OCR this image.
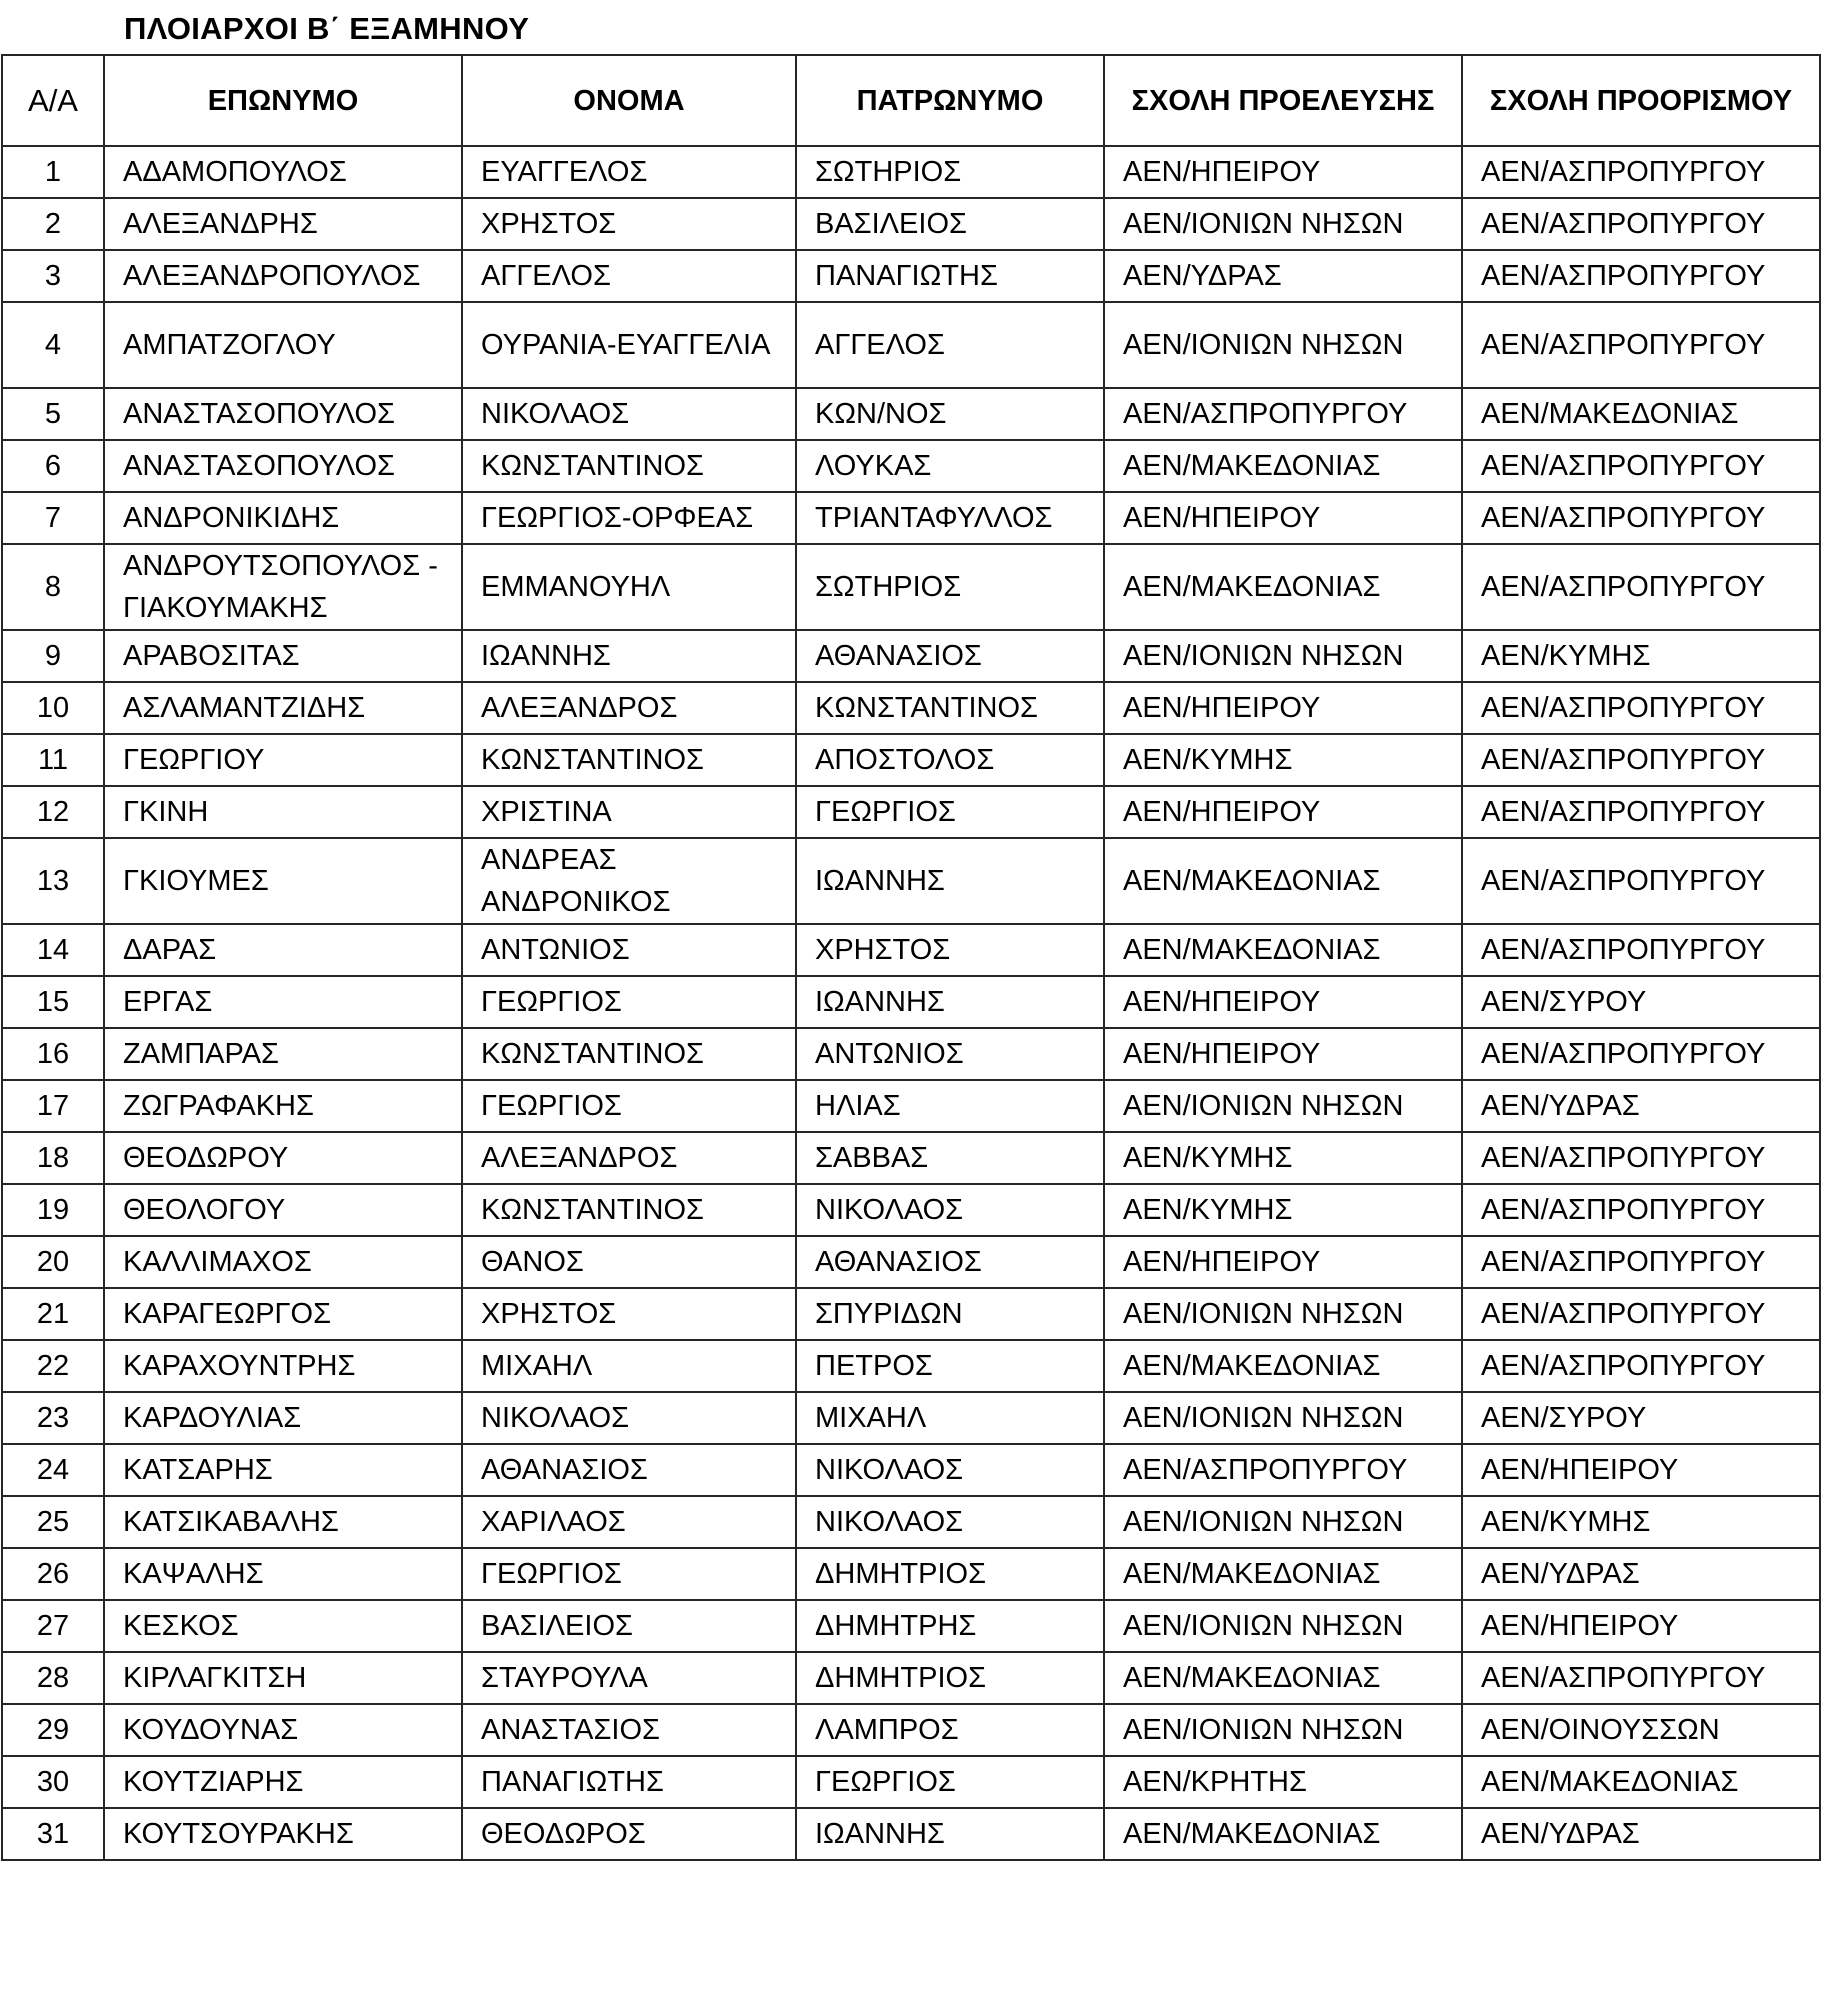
ΠΛΟΙΑΡΧΟΙ Β΄ ΕΞΑΜΗΝΟΥ
Α/Α	ΕΠΩΝΥΜΟ	ΟΝΟΜΑ	ΠΑΤΡΩΝΥΜΟ	ΣΧΟΛΗ ΠΡΟΕΛΕΥΣΗΣ	ΣΧΟΛΗ ΠΡΟΟΡΙΣΜΟΥ
1	ΑΔΑΜΟΠΟΥΛΟΣ	ΕΥΑΓΓΕΛΟΣ	ΣΩΤΗΡΙΟΣ	ΑΕΝ/ΗΠΕΙΡΟΥ	ΑΕΝ/ΑΣΠΡΟΠΥΡΓΟΥ
2	ΑΛΕΞΑΝΔΡΗΣ	ΧΡΗΣΤΟΣ	ΒΑΣΙΛΕΙΟΣ	ΑΕΝ/ΙΟΝΙΩΝ ΝΗΣΩΝ	ΑΕΝ/ΑΣΠΡΟΠΥΡΓΟΥ
3	ΑΛΕΞΑΝΔΡΟΠΟΥΛΟΣ	ΑΓΓΕΛΟΣ	ΠΑΝΑΓΙΩΤΗΣ	ΑΕΝ/ΥΔΡΑΣ	ΑΕΝ/ΑΣΠΡΟΠΥΡΓΟΥ
4	ΑΜΠΑΤΖΟΓΛΟΥ	ΟΥΡΑΝΙΑ-ΕΥΑΓΓΕΛΙΑ	ΑΓΓΕΛΟΣ	ΑΕΝ/ΙΟΝΙΩΝ ΝΗΣΩΝ	ΑΕΝ/ΑΣΠΡΟΠΥΡΓΟΥ
5	ΑΝΑΣΤΑΣΟΠΟΥΛΟΣ	ΝΙΚΟΛΑΟΣ	ΚΩΝ/ΝΟΣ	ΑΕΝ/ΑΣΠΡΟΠΥΡΓΟΥ	ΑΕΝ/ΜΑΚΕΔΟΝΙΑΣ
6	ΑΝΑΣΤΑΣΟΠΟΥΛΟΣ	ΚΩΝΣΤΑΝΤΙΝΟΣ	ΛΟΥΚΑΣ	ΑΕΝ/ΜΑΚΕΔΟΝΙΑΣ	ΑΕΝ/ΑΣΠΡΟΠΥΡΓΟΥ
7	ΑΝΔΡΟΝΙΚΙΔΗΣ	ΓΕΩΡΓΙΟΣ-ΟΡΦΕΑΣ	ΤΡΙΑΝΤΑΦΥΛΛΟΣ	ΑΕΝ/ΗΠΕΙΡΟΥ	ΑΕΝ/ΑΣΠΡΟΠΥΡΓΟΥ
8	ΑΝΔΡΟΥΤΣΟΠΟΥΛΟΣ - ΓΙΑΚΟΥΜΑΚΗΣ	ΕΜΜΑΝΟΥΗΛ	ΣΩΤΗΡΙΟΣ	ΑΕΝ/ΜΑΚΕΔΟΝΙΑΣ	ΑΕΝ/ΑΣΠΡΟΠΥΡΓΟΥ
9	ΑΡΑΒΟΣΙΤΑΣ	ΙΩΑΝΝΗΣ	ΑΘΑΝΑΣΙΟΣ	ΑΕΝ/ΙΟΝΙΩΝ ΝΗΣΩΝ	ΑΕΝ/ΚΥΜΗΣ
10	ΑΣΛΑΜΑΝΤΖΙΔΗΣ	ΑΛΕΞΑΝΔΡΟΣ	ΚΩΝΣΤΑΝΤΙΝΟΣ	ΑΕΝ/ΗΠΕΙΡΟΥ	ΑΕΝ/ΑΣΠΡΟΠΥΡΓΟΥ
11	ΓΕΩΡΓΙΟΥ	ΚΩΝΣΤΑΝΤΙΝΟΣ	ΑΠΟΣΤΟΛΟΣ	ΑΕΝ/ΚΥΜΗΣ	ΑΕΝ/ΑΣΠΡΟΠΥΡΓΟΥ
12	ΓΚΙΝΗ	ΧΡΙΣΤΙΝΑ	ΓΕΩΡΓΙΟΣ	ΑΕΝ/ΗΠΕΙΡΟΥ	ΑΕΝ/ΑΣΠΡΟΠΥΡΓΟΥ
13	ΓΚΙΟΥΜΕΣ	ΑΝΔΡΕΑΣ ΑΝΔΡΟΝΙΚΟΣ	ΙΩΑΝΝΗΣ	ΑΕΝ/ΜΑΚΕΔΟΝΙΑΣ	ΑΕΝ/ΑΣΠΡΟΠΥΡΓΟΥ
14	ΔΑΡΑΣ	ΑΝΤΩΝΙΟΣ	ΧΡΗΣΤΟΣ	ΑΕΝ/ΜΑΚΕΔΟΝΙΑΣ	ΑΕΝ/ΑΣΠΡΟΠΥΡΓΟΥ
15	ΕΡΓΑΣ	ΓΕΩΡΓΙΟΣ	ΙΩΑΝΝΗΣ	ΑΕΝ/ΗΠΕΙΡΟΥ	ΑΕΝ/ΣΥΡΟΥ
16	ΖΑΜΠΑΡΑΣ	ΚΩΝΣΤΑΝΤΙΝΟΣ	ΑΝΤΩΝΙΟΣ	ΑΕΝ/ΗΠΕΙΡΟΥ	ΑΕΝ/ΑΣΠΡΟΠΥΡΓΟΥ
17	ΖΩΓΡΑΦΑΚΗΣ	ΓΕΩΡΓΙΟΣ	ΗΛΙΑΣ	ΑΕΝ/ΙΟΝΙΩΝ ΝΗΣΩΝ	ΑΕΝ/ΥΔΡΑΣ
18	ΘΕΟΔΩΡΟΥ	ΑΛΕΞΑΝΔΡΟΣ	ΣΑΒΒΑΣ	ΑΕΝ/ΚΥΜΗΣ	ΑΕΝ/ΑΣΠΡΟΠΥΡΓΟΥ
19	ΘΕΟΛΟΓΟΥ	ΚΩΝΣΤΑΝΤΙΝΟΣ	ΝΙΚΟΛΑΟΣ	ΑΕΝ/ΚΥΜΗΣ	ΑΕΝ/ΑΣΠΡΟΠΥΡΓΟΥ
20	ΚΑΛΛΙΜΑΧΟΣ	ΘΑΝΟΣ	ΑΘΑΝΑΣΙΟΣ	ΑΕΝ/ΗΠΕΙΡΟΥ	ΑΕΝ/ΑΣΠΡΟΠΥΡΓΟΥ
21	ΚΑΡΑΓΕΩΡΓΟΣ	ΧΡΗΣΤΟΣ	ΣΠΥΡΙΔΩΝ	ΑΕΝ/ΙΟΝΙΩΝ ΝΗΣΩΝ	ΑΕΝ/ΑΣΠΡΟΠΥΡΓΟΥ
22	ΚΑΡΑΧΟΥΝΤΡΗΣ	ΜΙΧΑΗΛ	ΠΕΤΡΟΣ	ΑΕΝ/ΜΑΚΕΔΟΝΙΑΣ	ΑΕΝ/ΑΣΠΡΟΠΥΡΓΟΥ
23	ΚΑΡΔΟΥΛΙΑΣ	ΝΙΚΟΛΑΟΣ	ΜΙΧΑΗΛ	ΑΕΝ/ΙΟΝΙΩΝ ΝΗΣΩΝ	ΑΕΝ/ΣΥΡΟΥ
24	ΚΑΤΣΑΡΗΣ	ΑΘΑΝΑΣΙΟΣ	ΝΙΚΟΛΑΟΣ	ΑΕΝ/ΑΣΠΡΟΠΥΡΓΟΥ	ΑΕΝ/ΗΠΕΙΡΟΥ
25	ΚΑΤΣΙΚΑΒΑΛΗΣ	ΧΑΡΙΛΑΟΣ	ΝΙΚΟΛΑΟΣ	ΑΕΝ/ΙΟΝΙΩΝ ΝΗΣΩΝ	ΑΕΝ/ΚΥΜΗΣ
26	ΚΑΨΑΛΗΣ	ΓΕΩΡΓΙΟΣ	ΔΗΜΗΤΡΙΟΣ	ΑΕΝ/ΜΑΚΕΔΟΝΙΑΣ	ΑΕΝ/ΥΔΡΑΣ
27	ΚΕΣΚΟΣ	ΒΑΣΙΛΕΙΟΣ	ΔΗΜΗΤΡΗΣ	ΑΕΝ/ΙΟΝΙΩΝ ΝΗΣΩΝ	ΑΕΝ/ΗΠΕΙΡΟΥ
28	ΚΙΡΛΑΓΚΙΤΣΗ	ΣΤΑΥΡΟΥΛΑ	ΔΗΜΗΤΡΙΟΣ	ΑΕΝ/ΜΑΚΕΔΟΝΙΑΣ	ΑΕΝ/ΑΣΠΡΟΠΥΡΓΟΥ
29	ΚΟΥΔΟΥΝΑΣ	ΑΝΑΣΤΑΣΙΟΣ	ΛΑΜΠΡΟΣ	ΑΕΝ/ΙΟΝΙΩΝ ΝΗΣΩΝ	ΑΕΝ/ΟΙΝΟΥΣΣΩΝ
30	ΚΟΥΤΖΙΑΡΗΣ	ΠΑΝΑΓΙΩΤΗΣ	ΓΕΩΡΓΙΟΣ	ΑΕΝ/ΚΡΗΤΗΣ	ΑΕΝ/ΜΑΚΕΔΟΝΙΑΣ
31	ΚΟΥΤΣΟΥΡΑΚΗΣ	ΘΕΟΔΩΡΟΣ	ΙΩΑΝΝΗΣ	ΑΕΝ/ΜΑΚΕΔΟΝΙΑΣ	ΑΕΝ/ΥΔΡΑΣ
